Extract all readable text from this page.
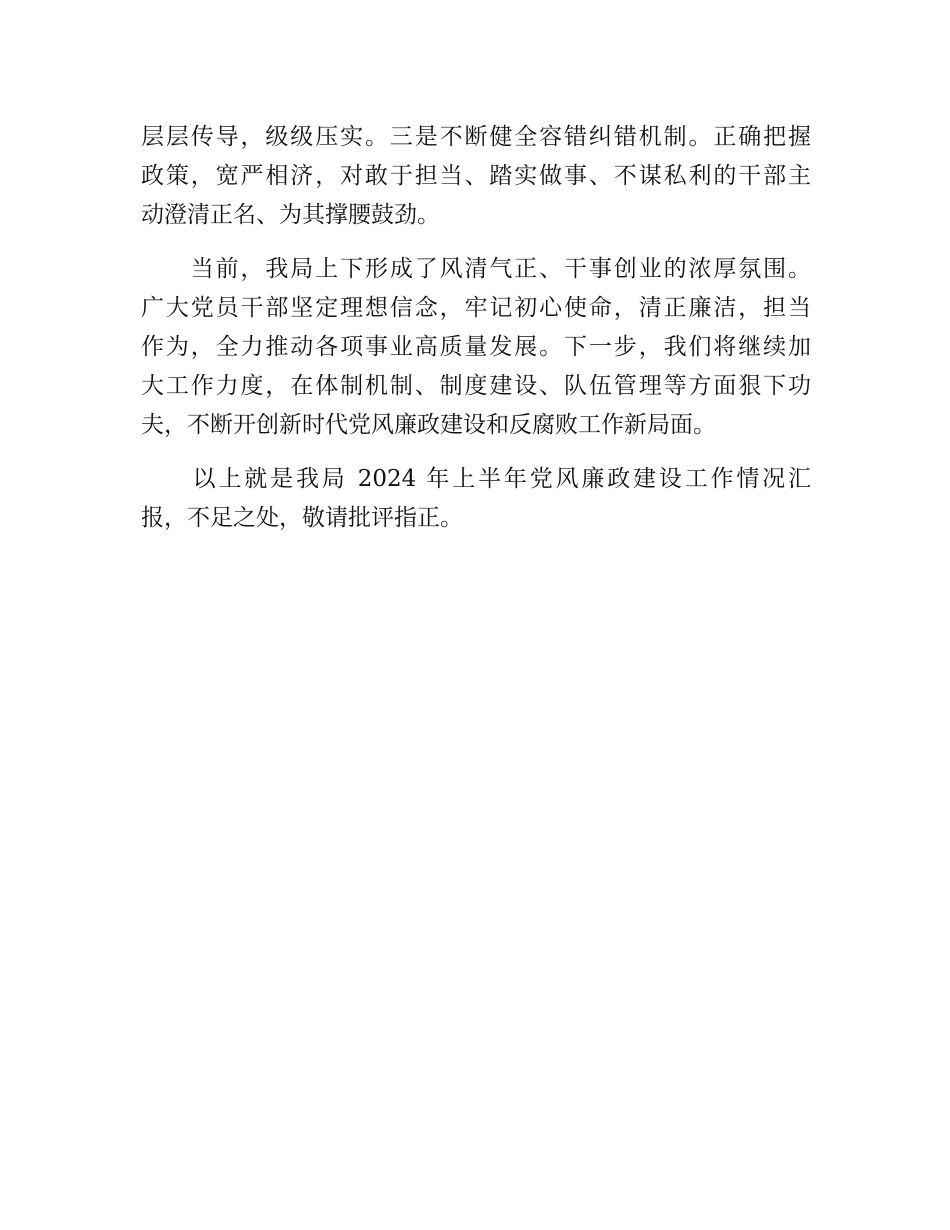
层层传导，级级压实。三是不断健全容错纠错机制。正确把握
政策，宽严相济，对敢于担当、踏实做事、不谋私利的干部主
动澄清正名、为其撑腰鼓劲。
　　当前，我局上下形成了风清气正、干事创业的浓厚氛围。
广大党员干部坚定理想信念，牢记初心使命，清正廉洁，担当
作为，全力推动各项事业高质量发展。下一步，我们将继续加
大工作力度，在体制机制、制度建设、队伍管理等方面狠下功
夫，不断开创新时代党风廉政建设和反腐败工作新局面。
　　以上就是我局 2024 年上半年党风廉政建设工作情况汇
报，不足之处，敬请批评指正。
